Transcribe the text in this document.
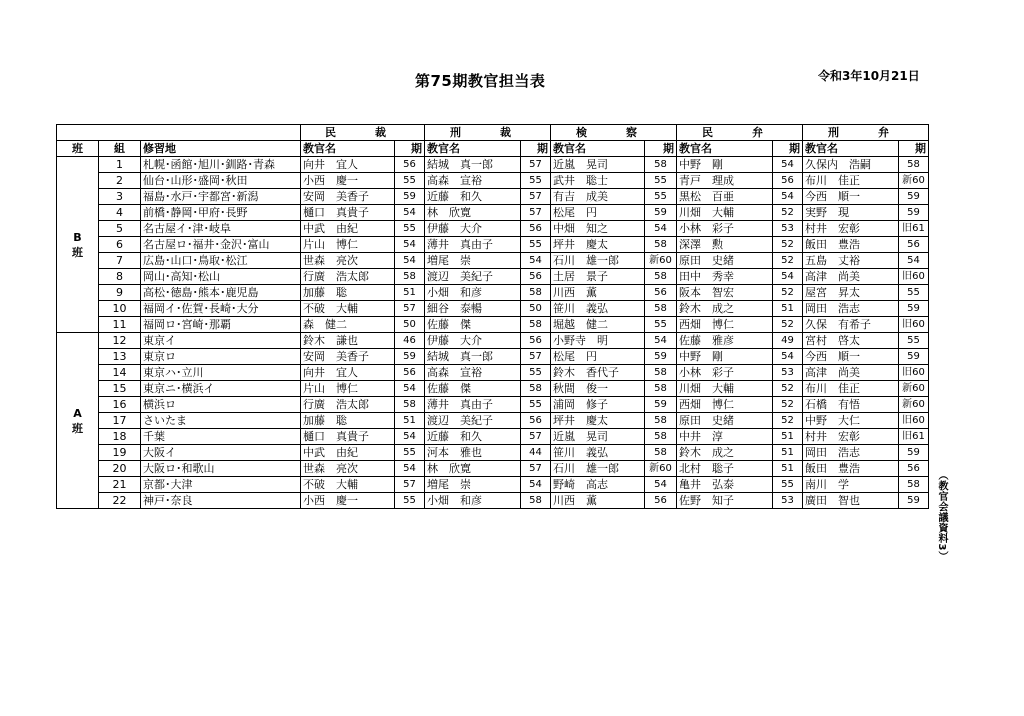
第75期教官担当表	令和3年10月21日
（教官会議資料3）
			民　裁		刑　裁		検　察		民　弁		刑　弁	
班	組	修習地	教官名	期	教官名	期	教官名	期	教官名	期	教官名	期
B
班	1	札幌･函館･旭川･釧路･青森	向井　宜人	56	結城　真一郎	57	近嵐　晃司	58	中野　剛	54	久保内　浩嗣	58
	2	仙台･山形･盛岡･秋田	小西　慶一	55	高森　宣裕	55	武井　聡士	55	青戸　理成	56	布川　佳正	新60
	3	福島･水戸･宇都宮･新潟	安岡　美香子	59	近藤　和久	57	有吉　成美	55	黒松　百亜	54	今西　順一	59
	4	前橋･静岡･甲府･長野	樋口　真貴子	54	林　欣寛	57	松尾　円	59	川畑　大輔	52	実野　現	59
	5	名古屋イ･津･岐阜	中武　由紀	55	伊藤　大介	56	中畑　知之	54	小林　彩子	53	村井　宏彰	旧61
	6	名古屋ロ･福井･金沢･富山	片山　博仁	54	薄井　真由子	55	坪井　慶太	58	深澤　勲	52	飯田　豊浩	56
	7	広島･山口･鳥取･松江	世森　亮次	54	増尾　崇	54	石川　雄一郎	新60	原田　史緒	52	五島　丈裕	54
	8	岡山･高知･松山	行廣　浩太郎	58	渡辺　美紀子	56	土居　景子	58	田中　秀幸	54	高津　尚美	旧60
	9	高松･徳島･熊本･鹿児島	加藤　聡	51	小畑　和彦	58	川西　薫	56	阪本　智宏	52	屋宮　昇太	55
	10	福岡イ･佐賀･長崎･大分	不破　大輔	57	細谷　泰暢	50	笹川　義弘	58	鈴木　成之	51	岡田　浩志	59
	11	福岡ロ･宮崎･那覇	森　健二	50	佐藤　傑	58	堀越　健二	55	西畑　博仁	52	久保　有希子	旧60
A
班	12	東京イ	鈴木　謙也	46	伊藤　大介	56	小野寺　明	54	佐藤　雅彦	49	宮村　啓太	55
	13	東京ロ	安岡　美香子	59	結城　真一郎	57	松尾　円	59	中野　剛	54	今西　順一	59
	14	東京ハ･立川	向井　宜人	56	高森　宣裕	55	鈴木　香代子	58	小林　彩子	53	高津　尚美	旧60
	15	東京ニ･横浜イ	片山　博仁	54	佐藤　傑	58	秋間　俊一	58	川畑　大輔	52	布川　佳正	新60
	16	横浜ロ	行廣　浩太郎	58	薄井　真由子	55	浦岡　修子	59	西畑　博仁	52	石橋　有悟	新60
	17	さいたま	加藤　聡	51	渡辺　美紀子	56	坪井　慶太	58	原田　史緒	52	中野　大仁	旧60
	18	千葉	樋口　真貴子	54	近藤　和久	57	近嵐　晃司	58	中井　淳	51	村井　宏彰	旧61
	19	大阪イ	中武　由紀	55	河本　雅也	44	笹川　義弘	58	鈴木　成之	51	岡田　浩志	59
	20	大阪ロ･和歌山	世森　亮次	54	林　欣寛	57	石川　雄一郎	新60	北村　聡子	51	飯田　豊浩	56
	21	京都･大津	不破　大輔	57	増尾　崇	54	野崎　高志	54	亀井　弘泰	55	南川　学	58
	22	神戸･奈良	小西　慶一	55	小畑　和彦	58	川西　薫	56	佐野　知子	53	廣田　智也	59
